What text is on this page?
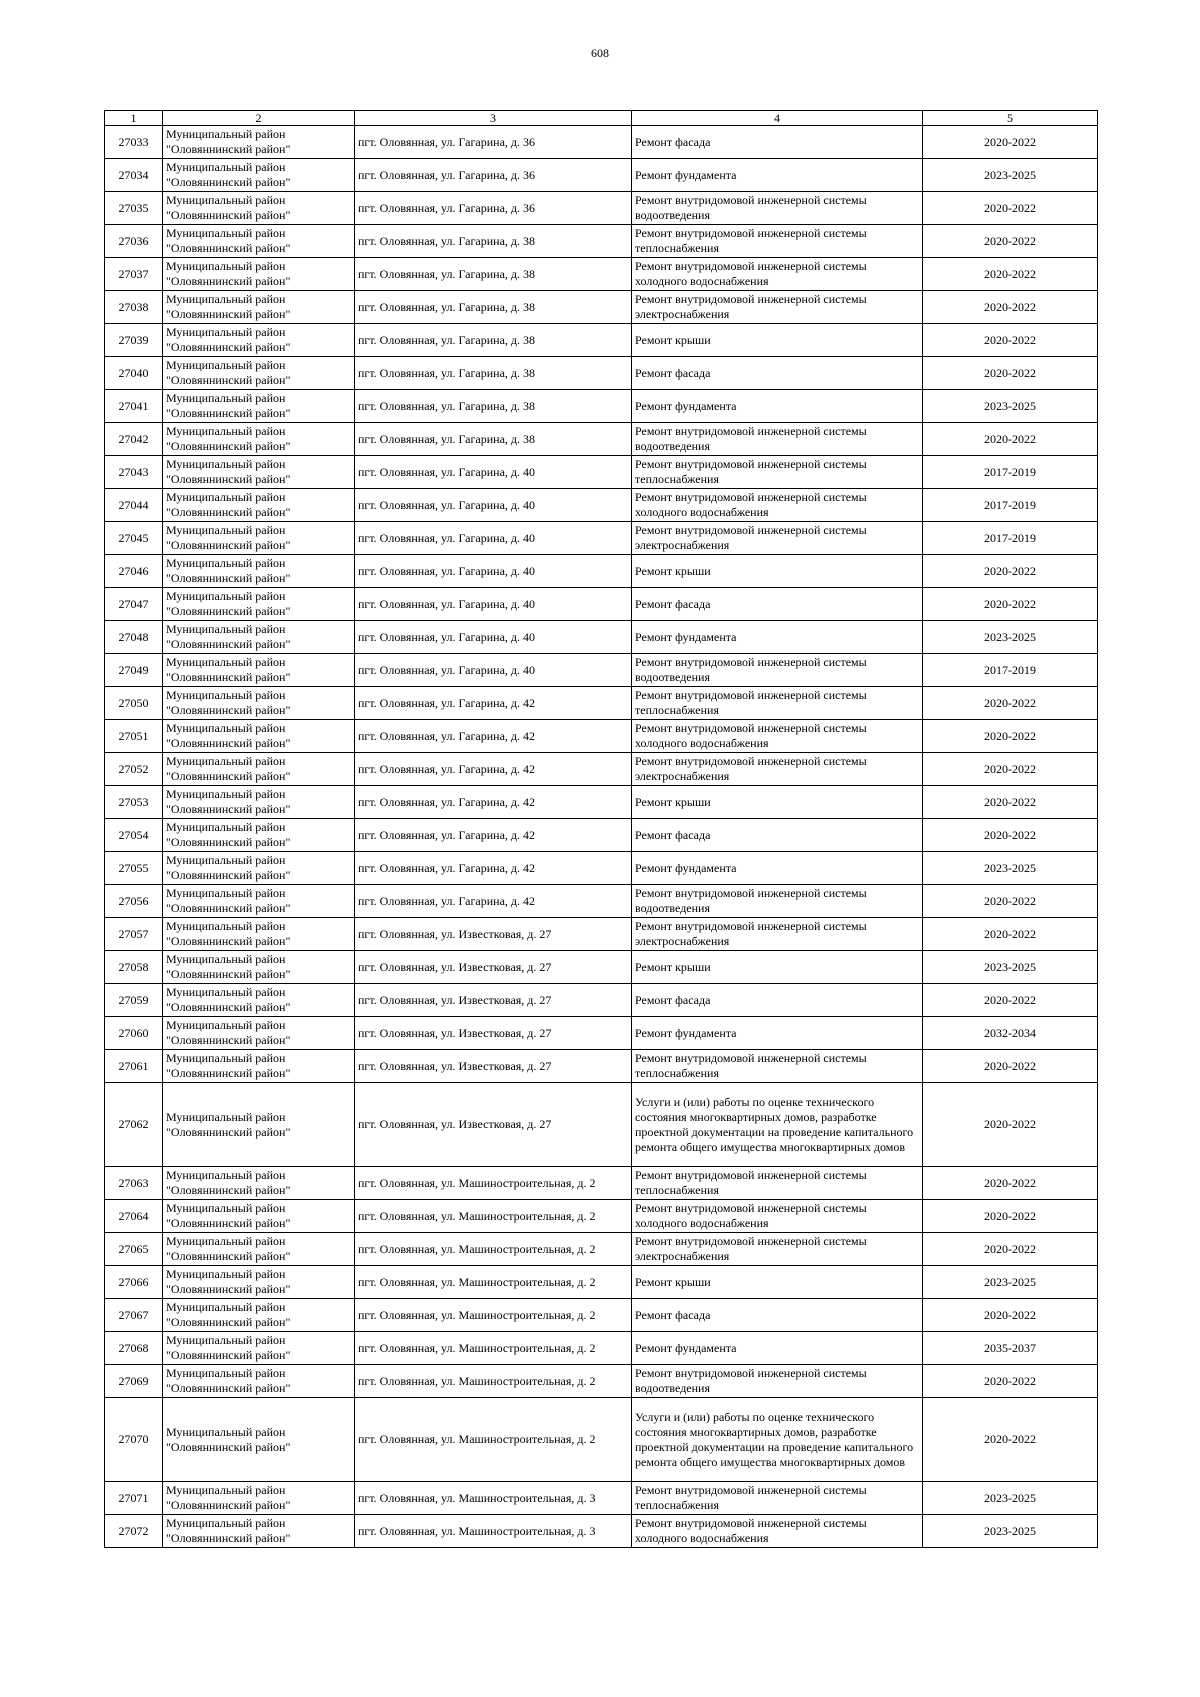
608
1	2	3	4	5
27033	Муниципальный район "Оловяннинский район"	пгт. Оловянная, ул. Гагарина, д. 36	Ремонт фасада	2020-2022
27034	Муниципальный район "Оловяннинский район"	пгт. Оловянная, ул. Гагарина, д. 36	Ремонт фундамента	2023-2025
27035	Муниципальный район "Оловяннинский район"	пгт. Оловянная, ул. Гагарина, д. 36	Ремонт внутридомовой инженерной системы водоотведения	2020-2022
27036	Муниципальный район "Оловяннинский район"	пгт. Оловянная, ул. Гагарина, д. 38	Ремонт внутридомовой инженерной системы теплоснабжения	2020-2022
27037	Муниципальный район "Оловяннинский район"	пгт. Оловянная, ул. Гагарина, д. 38	Ремонт внутридомовой инженерной системы холодного водоснабжения	2020-2022
27038	Муниципальный район "Оловяннинский район"	пгт. Оловянная, ул. Гагарина, д. 38	Ремонт внутридомовой инженерной системы электроснабжения	2020-2022
27039	Муниципальный район "Оловяннинский район"	пгт. Оловянная, ул. Гагарина, д. 38	Ремонт крыши	2020-2022
27040	Муниципальный район "Оловяннинский район"	пгт. Оловянная, ул. Гагарина, д. 38	Ремонт фасада	2020-2022
27041	Муниципальный район "Оловяннинский район"	пгт. Оловянная, ул. Гагарина, д. 38	Ремонт фундамента	2023-2025
27042	Муниципальный район "Оловяннинский район"	пгт. Оловянная, ул. Гагарина, д. 38	Ремонт внутридомовой инженерной системы водоотведения	2020-2022
27043	Муниципальный район "Оловяннинский район"	пгт. Оловянная, ул. Гагарина, д. 40	Ремонт внутридомовой инженерной системы теплоснабжения	2017-2019
27044	Муниципальный район "Оловяннинский район"	пгт. Оловянная, ул. Гагарина, д. 40	Ремонт внутридомовой инженерной системы холодного водоснабжения	2017-2019
27045	Муниципальный район "Оловяннинский район"	пгт. Оловянная, ул. Гагарина, д. 40	Ремонт внутридомовой инженерной системы электроснабжения	2017-2019
27046	Муниципальный район "Оловяннинский район"	пгт. Оловянная, ул. Гагарина, д. 40	Ремонт крыши	2020-2022
27047	Муниципальный район "Оловяннинский район"	пгт. Оловянная, ул. Гагарина, д. 40	Ремонт фасада	2020-2022
27048	Муниципальный район "Оловяннинский район"	пгт. Оловянная, ул. Гагарина, д. 40	Ремонт фундамента	2023-2025
27049	Муниципальный район "Оловяннинский район"	пгт. Оловянная, ул. Гагарина, д. 40	Ремонт внутридомовой инженерной системы водоотведения	2017-2019
27050	Муниципальный район "Оловяннинский район"	пгт. Оловянная, ул. Гагарина, д. 42	Ремонт внутридомовой инженерной системы теплоснабжения	2020-2022
27051	Муниципальный район "Оловяннинский район"	пгт. Оловянная, ул. Гагарина, д. 42	Ремонт внутридомовой инженерной системы холодного водоснабжения	2020-2022
27052	Муниципальный район "Оловяннинский район"	пгт. Оловянная, ул. Гагарина, д. 42	Ремонт внутридомовой инженерной системы электроснабжения	2020-2022
27053	Муниципальный район "Оловяннинский район"	пгт. Оловянная, ул. Гагарина, д. 42	Ремонт крыши	2020-2022
27054	Муниципальный район "Оловяннинский район"	пгт. Оловянная, ул. Гагарина, д. 42	Ремонт фасада	2020-2022
27055	Муниципальный район "Оловяннинский район"	пгт. Оловянная, ул. Гагарина, д. 42	Ремонт фундамента	2023-2025
27056	Муниципальный район "Оловяннинский район"	пгт. Оловянная, ул. Гагарина, д. 42	Ремонт внутридомовой инженерной системы водоотведения	2020-2022
27057	Муниципальный район "Оловяннинский район"	пгт. Оловянная, ул. Известковая, д. 27	Ремонт внутридомовой инженерной системы электроснабжения	2020-2022
27058	Муниципальный район "Оловяннинский район"	пгт. Оловянная, ул. Известковая, д. 27	Ремонт крыши	2023-2025
27059	Муниципальный район "Оловяннинский район"	пгт. Оловянная, ул. Известковая, д. 27	Ремонт фасада	2020-2022
27060	Муниципальный район "Оловяннинский район"	пгт. Оловянная, ул. Известковая, д. 27	Ремонт фундамента	2032-2034
27061	Муниципальный район "Оловяннинский район"	пгт. Оловянная, ул. Известковая, д. 27	Ремонт внутридомовой инженерной системы теплоснабжения	2020-2022
27062	Муниципальный район "Оловяннинский район"	пгт. Оловянная, ул. Известковая, д. 27	Услуги и (или) работы по оценке технического состояния многоквартирных домов, разработке проектной документации на проведение капитального ремонта общего имущества многоквартирных домов	2020-2022
27063	Муниципальный район "Оловяннинский район"	пгт. Оловянная, ул. Машиностроительная, д. 2	Ремонт внутридомовой инженерной системы теплоснабжения	2020-2022
27064	Муниципальный район "Оловяннинский район"	пгт. Оловянная, ул. Машиностроительная, д. 2	Ремонт внутридомовой инженерной системы холодного водоснабжения	2020-2022
27065	Муниципальный район "Оловяннинский район"	пгт. Оловянная, ул. Машиностроительная, д. 2	Ремонт внутридомовой инженерной системы электроснабжения	2020-2022
27066	Муниципальный район "Оловяннинский район"	пгт. Оловянная, ул. Машиностроительная, д. 2	Ремонт крыши	2023-2025
27067	Муниципальный район "Оловяннинский район"	пгт. Оловянная, ул. Машиностроительная, д. 2	Ремонт фасада	2020-2022
27068	Муниципальный район "Оловяннинский район"	пгт. Оловянная, ул. Машиностроительная, д. 2	Ремонт фундамента	2035-2037
27069	Муниципальный район "Оловяннинский район"	пгт. Оловянная, ул. Машиностроительная, д. 2	Ремонт внутридомовой инженерной системы водоотведения	2020-2022
27070	Муниципальный район "Оловяннинский район"	пгт. Оловянная, ул. Машиностроительная, д. 2	Услуги и (или) работы по оценке технического состояния многоквартирных домов, разработке проектной документации на проведение капитального ремонта общего имущества многоквартирных домов	2020-2022
27071	Муниципальный район "Оловяннинский район"	пгт. Оловянная, ул. Машиностроительная, д. 3	Ремонт внутридомовой инженерной системы теплоснабжения	2023-2025
27072	Муниципальный район "Оловяннинский район"	пгт. Оловянная, ул. Машиностроительная, д. 3	Ремонт внутридомовой инженерной системы холодного водоснабжения	2023-2025
